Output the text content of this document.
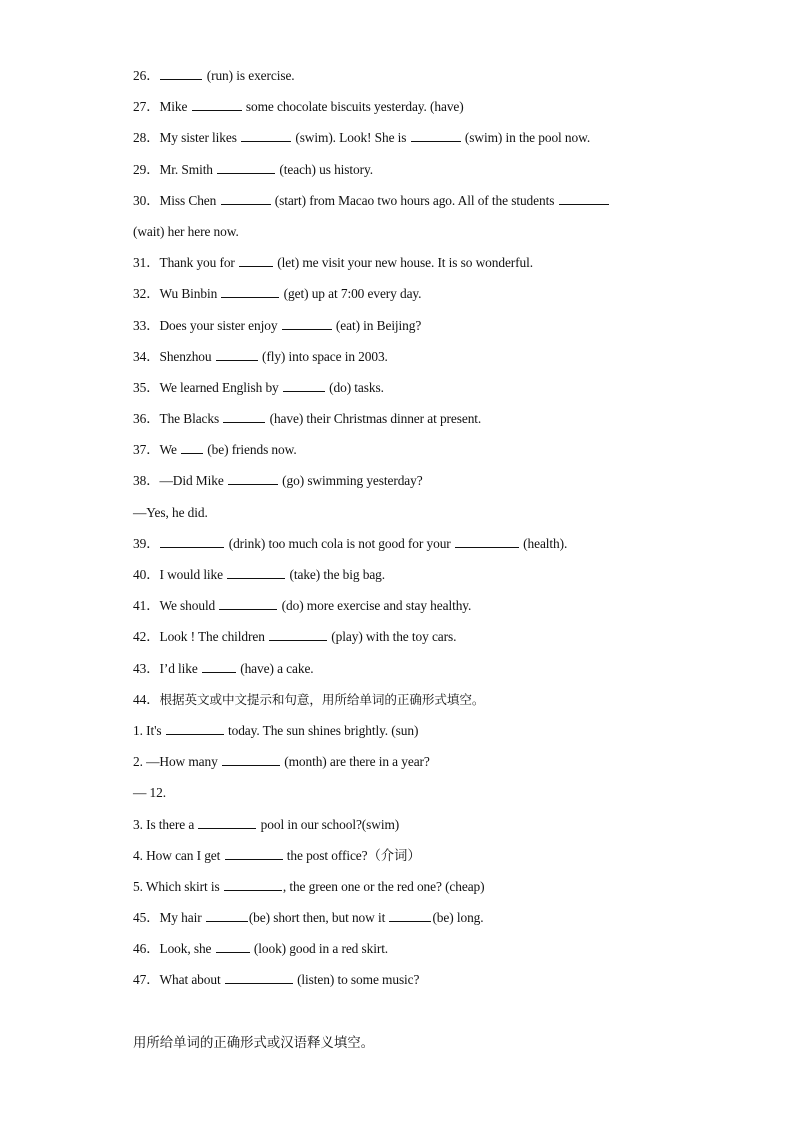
26．	(run) is exercise.
27．Mike	some chocolate biscuits yesterday. (have)
28．My sister likes	(swim). Look! She is	(swim) in the pool now.
29．Mr. Smith	(teach) us history.
30．Miss Chen	(start) from Macao two hours ago. All of the students
(wait) her here now.
31．Thank you for	(let) me visit your new house. It is so wonderful.
32．Wu Binbin	(get) up at 7:00 every day.
33．Does your sister enjoy	(eat) in Beijing?
34．Shenzhou	(fly) into space in 2003.
35．We learned English by	(do) tasks.
36．The Blacks	(have) their Christmas dinner at present.
37．We  (be) friends now.
38．—Did Mike	(go) swimming yesterday?
—Yes, he did.
39．	(drink) too much cola is not good for your	(health).
40．I would like	(take) the big bag.
41．We should	(do) more exercise and stay healthy.
42．Look ! The children	(play) with the toy cars.
43．I’d like	(have) a cake.
44．根据英文或中文提示和句意，用所给单词的正确形式填空。
1. It's	today. The sun shines brightly. (sun)
2. —How many	(month) are there in a year?
— 12.
3. Is there a	pool in our school?(swim)
4. How can I get	the post office?（介词）
5. Which skirt is	, the green one or the red one? (cheap)
45．My hair	(be) short then, but now it	(be) long.
46．Look, she	(look) good in a red skirt.
47．What about	(listen) to some music?
用所给单词的正确形式或汉语释义填空。
